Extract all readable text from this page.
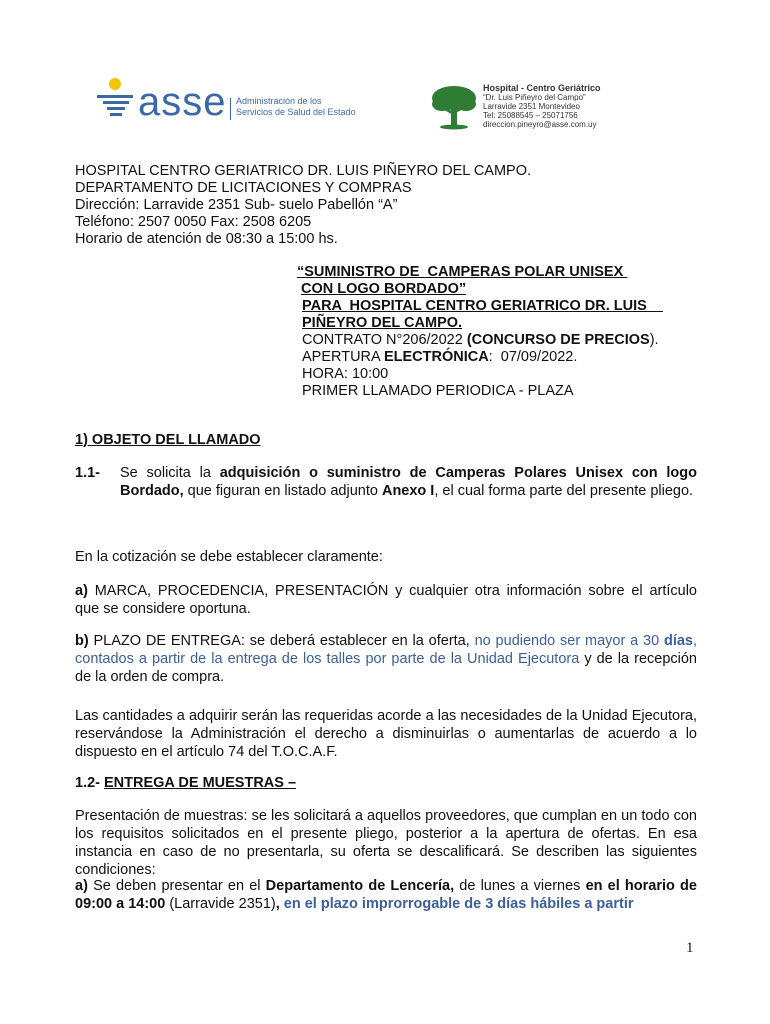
asse Administración de los
Servicios de Salud del Estado
Hospital - Centro Geriátrico
“Dr. Luis Piñeyro del Campo”
Larravide 2351 Montevideo
Tel: 25088545 – 25071756
direccion.pineyro@asse.com.uy
HOSPITAL CENTRO GERIATRICO DR. LUIS PIÑEYRO DEL CAMPO.
DEPARTAMENTO DE LICITACIONES Y COMPRAS
Dirección: Larravide 2351 Sub- suelo Pabellón “A”
Teléfono: 2507 0050 Fax: 2508 6205
Horario de atención de 08:30 a 15:00 hs.
“SUMINISTRO DE  CAMPERAS POLAR UNISEX
CON LOGO BORDADO”
PARA  HOSPITAL CENTRO GERIATRICO DR. LUIS
PIÑEYRO DEL CAMPO.
CONTRATO N°206/2022 (CONCURSO DE PRECIOS).
APERTURA ELECTRÓNICA:  07/09/2022.
HORA: 10:00
PRIMER LLAMADO PERIODICA - PLAZA
1) OBJETO DEL LLAMADO
1.1- Se solicita la adquisición o suministro de Camperas Polares Unisex con logo Bordado, que figuran en listado adjunto Anexo I, el cual forma parte del presente pliego.
En la cotización se debe establecer claramente:
a) MARCA, PROCEDENCIA, PRESENTACIÓN y cualquier otra información sobre el artículo que se considere oportuna.
b) PLAZO DE ENTREGA: se deberá establecer en la oferta, no pudiendo ser mayor a 30 días, contados a partir de la entrega de los talles por parte de la Unidad Ejecutora y de la recepción de la orden de compra.
Las cantidades a adquirir serán las requeridas acorde a las necesidades de la Unidad Ejecutora, reservándose la Administración el derecho a disminuirlas o aumentarlas de acuerdo a lo dispuesto en el artículo 74 del T.O.C.A.F.
1.2- ENTREGA DE MUESTRAS –
Presentación de muestras: se les solicitará a aquellos proveedores, que cumplan en un todo con los requisitos solicitados en el presente pliego, posterior a la apertura de ofertas. En esa instancia en caso de no presentarla, su oferta se descalificará. Se describen las siguientes condiciones:
a) Se deben presentar en el Departamento de Lencería, de lunes a viernes en el horario de 09:00 a 14:00 (Larravide 2351), en el plazo improrrogable de 3 días hábiles a partir
1
